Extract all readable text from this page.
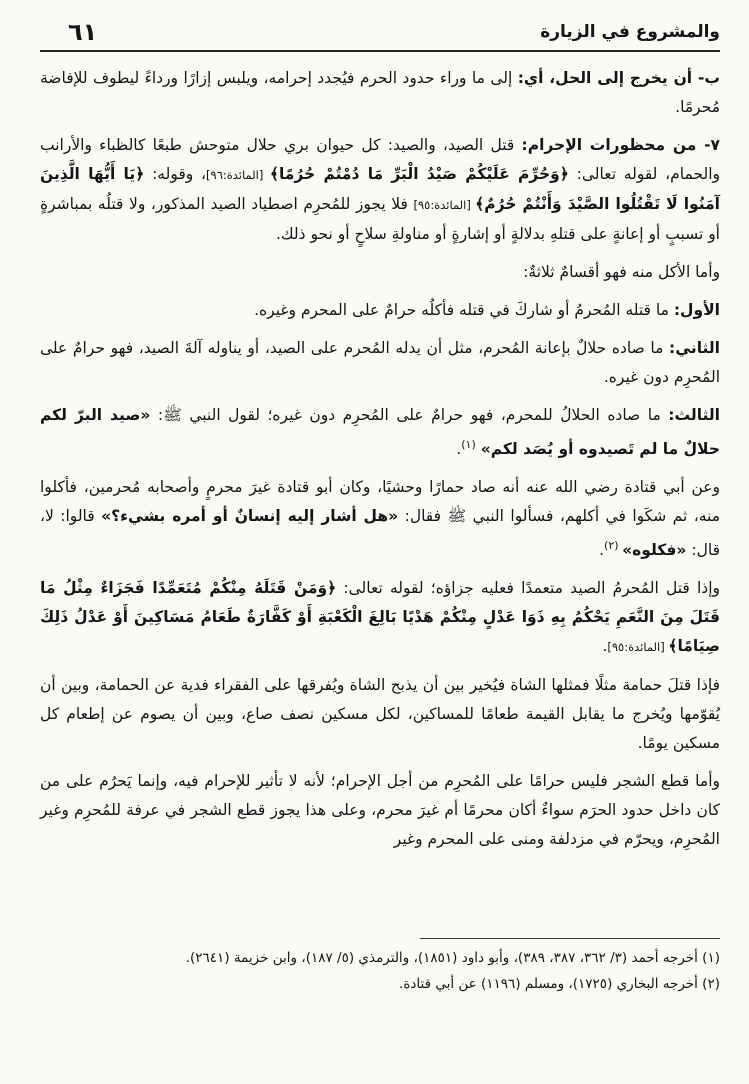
والمشروع في الزيارة
٦١

ب- أن يخرج إلى الحل، أي: إلى ما وراء حدود الحرم فيُجدد إحرامه، ويلبس إزارًا ورداءً ليطوف للإفاضة مُحرمًا.

٧- من محظورات الإحرام: قتل الصيد، والصيد: كل حيوان بري حلال متوحش طبعًا كالظباء والأرانب والحمام، لقوله تعالى: ﴿وَحُرِّمَ عَلَيْكُمْ صَيْدُ الْبَرِّ مَا دُمْتُمْ حُرُمًا﴾ [المائدة:٩٦]، وقوله: ﴿يَا أَيُّهَا الَّذِينَ آمَنُوا لَا تَقْتُلُوا الصَّيْدَ وَأَنْتُمْ حُرُمٌ﴾ [المائدة:٩٥] فلا يجوز للمُحرِم اصطياد الصيد المذكور، ولا قتلُه بمباشرةٍ أو تسببٍ أو إعانةٍ على قتلهِ بدلالةٍ أو إشارةٍ أو مناولةِ سلاحٍ أو نحو ذلك.

وأما الأكل منه فهو أقسامٌ ثلاثةٌ:

الأول: ما قتله المُحرمُ أو شاركَ في قتله فأكلُه حرامٌ على المحرم وغيره.

الثاني: ما صاده حلالٌ بإعانة المُحرم، مثل أن يدله المُحرم على الصيد، أو يناوله آلةَ الصيد، فهو حرامٌ على المُحرِم دون غيره.

الثالث: ما صاده الحلالُ للمحرم، فهو حرامٌ على المُحرِم دون غيره؛ لقول النبي ﷺ: «صيد البرّ لكم حلالٌ ما لم تَصيدوه أو يُصَد لكم» $^{(١)}$.

وعن أبي قتادة رضي الله عنه أنه صاد حمارًا وحشيًا، وكان أبو قتادة غيرَ محرمٍ وأصحابه مُحرمين، فأكلوا منه، ثم شكَوا في أكلهم، فسألوا النبي ﷺ فقال: «هل أشار إليه إنسانٌ أو أمره بشيء؟» قالوا: لا، قال: «فكلوه» $^{(٢)}$.

وإذا قتل المُحرمُ الصيد متعمدًا فعليه جزاؤه؛ لقوله تعالى: ﴿وَمَنْ قَتَلَهُ مِنْكُمْ مُتَعَمِّدًا فَجَزَاءٌ مِثْلُ مَا قَتَلَ مِنَ النَّعَمِ يَحْكُمُ بِهِ ذَوَا عَدْلٍ مِنْكُمْ هَدْيًا بَالِغَ الْكَعْبَةِ أَوْ كَفَّارَةٌ طَعَامُ مَسَاكِينَ أَوْ عَدْلُ ذَلِكَ صِيَامًا﴾ [المائدة:٩٥].

فإذا قتلَ حمامة مثلًا فمثلها الشاة فيُخير بين أن يذبح الشاة ويُفرقها على الفقراء فدية عن الحمامة، وبين أن يُقوّمها ويُخرج ما يقابل القيمة طعامًا للمساكين، لكل مسكين نصف صاع، وبين أن يصوم عن إطعام كل مسكين يومًا.

وأما قطع الشجر فليس حرامًا على المُحرِم من أجل الإحرام؛ لأنه لا تأثير للإحرام فيه، وإنما يَحرُم على من كان داخل حدود الحرَم سواءٌ أكان محرمًا أم غيرَ محرم، وعلى هذا يجوز قطع الشجر في عرفة للمُحرِم وغير المُحرِم، ويحرّم في مزدلفة ومنى على المحرم وغير

(١) أخرجه أحمد (٣/ ٣٦٢، ٣٨٧، ٣٨٩)، وأبو داود (١٨٥١)، والترمذي (٥/ ١٨٧)، وابن خزيمة (٢٦٤١).

(٢) أخرجه البخاري (١٧٢٥)، ومسلم (١١٩٦) عن أبي قتادة.
